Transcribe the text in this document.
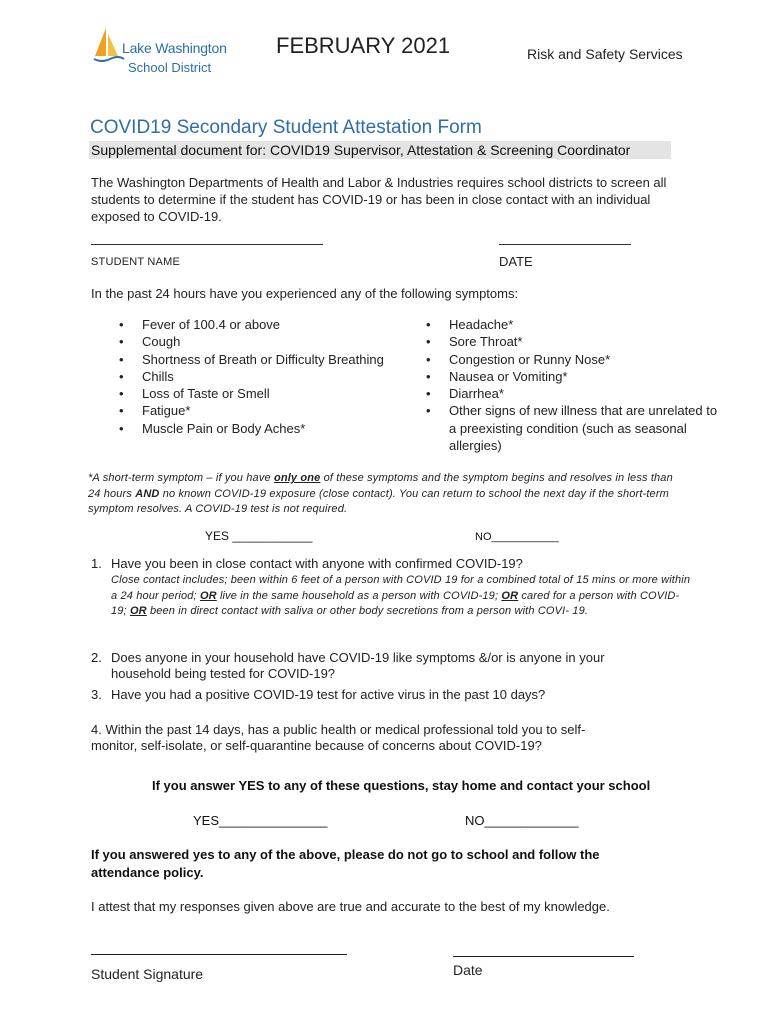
Lake Washington
School District
FEBRUARY 2021	Risk and Safety Services
COVID19 Secondary Student Attestation Form
Supplemental document for: COVID19 Supervisor, Attestation & Screening Coordinator
The Washington Departments of Health and Labor & Industries requires school districts to screen all students to determine if the student has COVID-19 or has been in close contact with an individual exposed to COVID-19.
STUDENT NAME	DATE
In the past 24 hours have you experienced any of the following symptoms:
• Fever of 100.4 or above
• Cough
• Shortness of Breath or Difficulty Breathing
• Chills
• Loss of Taste or Smell
• Fatigue*
• Muscle Pain or Body Aches*
• Headache*
• Sore Throat*
• Congestion or Runny Nose*
• Nausea or Vomiting*
• Diarrhea*
• Other signs of new illness that are unrelated to a preexisting condition (such as seasonal allergies)
*A short-term symptom – if you have only one of these symptoms and the symptom begins and resolves in less than 24 hours AND no known COVID-19 exposure (close contact). You can return to school the next day if the short-term symptom resolves. A COVID-19 test is not required.
YES ____________	NO___________
1. Have you been in close contact with anyone with confirmed COVID-19?
Close contact includes; been within 6 feet of a person with COVID 19 for a combined total of 15 mins or more within a 24 hour period; OR live in the same household as a person with COVID-19; OR cared for a person with COVID-19; OR been in direct contact with saliva or other body secretions from a person with COVI- 19.
2. Does anyone in your household have COVID-19 like symptoms &/or is anyone in your
household being tested for COVID-19?
3. Have you had a positive COVID-19 test for active virus in the past 10 days?
4. Within the past 14 days, has a public health or medical professional told you to self-
monitor, self-isolate, or self-quarantine because of concerns about COVID-19?
If you answer YES to any of these questions, stay home and contact your school
YES_______________	NO_____________
If you answered yes to any of the above, please do not go to school and follow the attendance policy.
I attest that my responses given above are true and accurate to the best of my knowledge.
Student Signature	Date
